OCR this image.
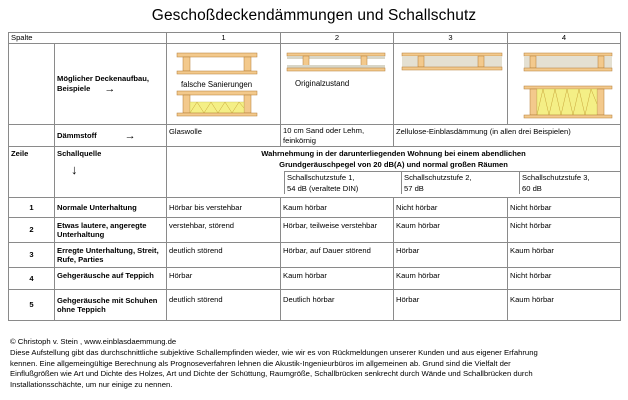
Geschoßdeckendämmungen und Schallschutz
Spalte	1	2	3	4
	Möglicher Deckenaufbau,
Beispiele →	falsche Sanierungen	Originalzustand

	Dämmstoff	→	Glaswolle	10 cm Sand oder Lehm,
feinkörnig	Zellulose-Einblasdämmung (in allen drei Beispielen)
Zeile	Schallquelle
↓

Wahrnehmung in der darunterliegenden Wohnung bei einem abendlichen
Grundgeräuschpegel von 20 dB(A) und normal großen Räumen
	Schallschutzstufe 1,
54 dB (veraltete DIN)	Schallschutzstufe 2,
57 dB	Schallschutzstufe 3,
60 dB

1	Normale Unterhaltung	Hörbar bis verstehbar	Kaum hörbar	Nicht hörbar	Nicht hörbar
2	Etwas lautere, angeregte
Unterhaltung	verstehbar, störend	Hörbar, teilweise verstehbar	Kaum hörbar	Nicht hörbar
3	Erregte Unterhaltung, Streit,
Rufe, Parties	deutlich störend	Hörbar, auf Dauer störend	Hörbar	Kaum hörbar
4	Gehgeräusche auf Teppich	Hörbar	Kaum hörbar	Kaum hörbar	Nicht hörbar
5	Gehgeräusche mit Schuhen
ohne Teppich	deutlich störend	Deutlich hörbar	Hörbar	Kaum hörbar
© Christoph v. Stein , www.einblasdaemmung.de
Diese Aufstellung gibt das durchschnittliche subjektive Schallempfinden wieder, wie wir es von Rückmeldungen unserer Kunden und aus eigener Erfahrung
kennen. Eine allgemeingültige Berechnung als Prognoseverfahren lehnen die Akustik-Ingenieurbüros im allgemeinen ab. Grund sind die Vielfalt der
Einflußgrößen wie Art und Dichte des Holzes, Art und Dichte der Schüttung, Raumgröße, Schallbrücken senkrecht durch Wände und Schallbrücken durch
Installationsschächte, um nur einige zu nennen.
